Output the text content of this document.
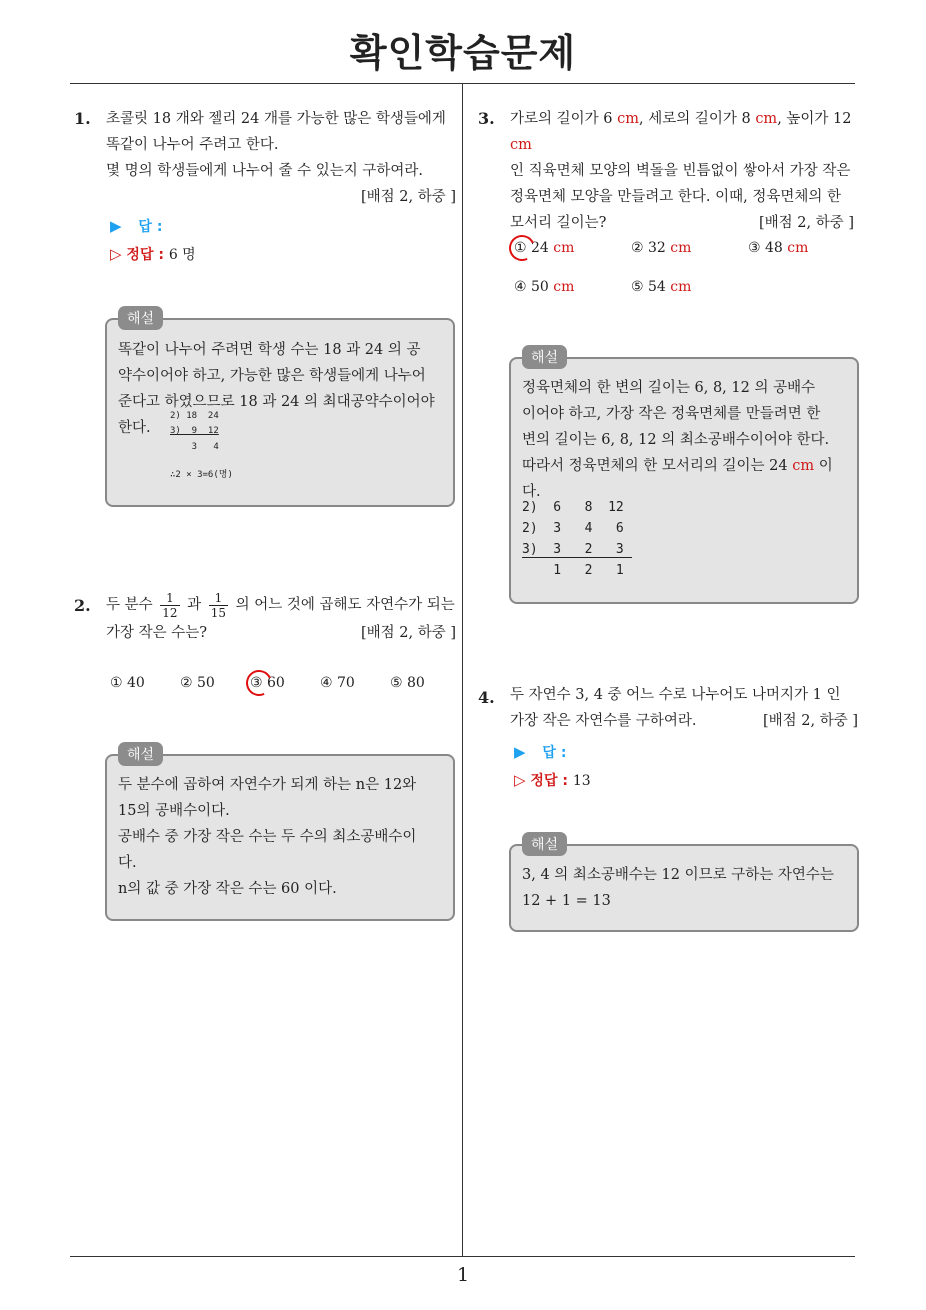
확인학습문제
1
1. 초콜릿 18 개와 젤리 24 개를 가능한 많은 학생들에게
똑같이 나누어 주려고 한다.
몇 명의 학생들에게 나누어 줄 수 있는지 구하여라.
[배점 2, 하중 ]

▶ 답 :
▷ 정답 : 6 명
해설
똑같이 나누어 주려면 학생 수는 18 과 24 의 공
약수이어야 하고, 가능한 많은 학생들에게 나누어
준다고 하였으므로 18 과 24 의 최대공약수이어야
한다.
2) 18  24
3)  9  12
3   4
∴2 × 3=6(명)
2. 두 분수 $\frac{1}{12}$ 과 $\frac{1}{15}$ 의 어느 것에 곱해도 자연수가 되는
가장 작은 수는?	[배점 2, 하중 ]
① 40	② 50	③ 60	④ 70	⑤ 80
해설
두 분수에 곱하여 자연수가 되게 하는 n은 12와
15의 공배수이다.
공배수 중 가장 작은 수는 두 수의 최소공배수이
다.
n의 값 중 가장 작은 수는 60 이다.
3. 가로의 길이가 6 cm, 세로의 길이가 8 cm, 높이가 12 cm
인 직육면체 모양의 벽돌을 빈틈없이 쌓아서 가장 작은
정육면체 모양을 만들려고 한다. 이때, 정육면체의 한
모서리 길이는?	[배점 2, 하중 ]
① 24 cm	② 32 cm	③ 48 cm
④ 50 cm	⑤ 54 cm
해설
정육면체의 한 변의 길이는 6, 8, 12 의 공배수
이어야 하고, 가장 작은 정육면체를 만들려면 한
변의 길이는 6, 8, 12 의 최소공배수이어야 한다.
따라서 정육면체의 한 모서리의 길이는 24 cm 이
다.
2)  6   8  12
2)  3   4   6
3)  3   2   3
1   2   1
4. 두 자연수 3, 4 중 어느 수로 나누어도 나머지가 1 인
가장 작은 자연수를 구하여라.	[배점 2, 하중 ]
▶ 답 :
▷ 정답 : 13
해설
3, 4 의 최소공배수는 12 이므로 구하는 자연수는
12 + 1 = 13
